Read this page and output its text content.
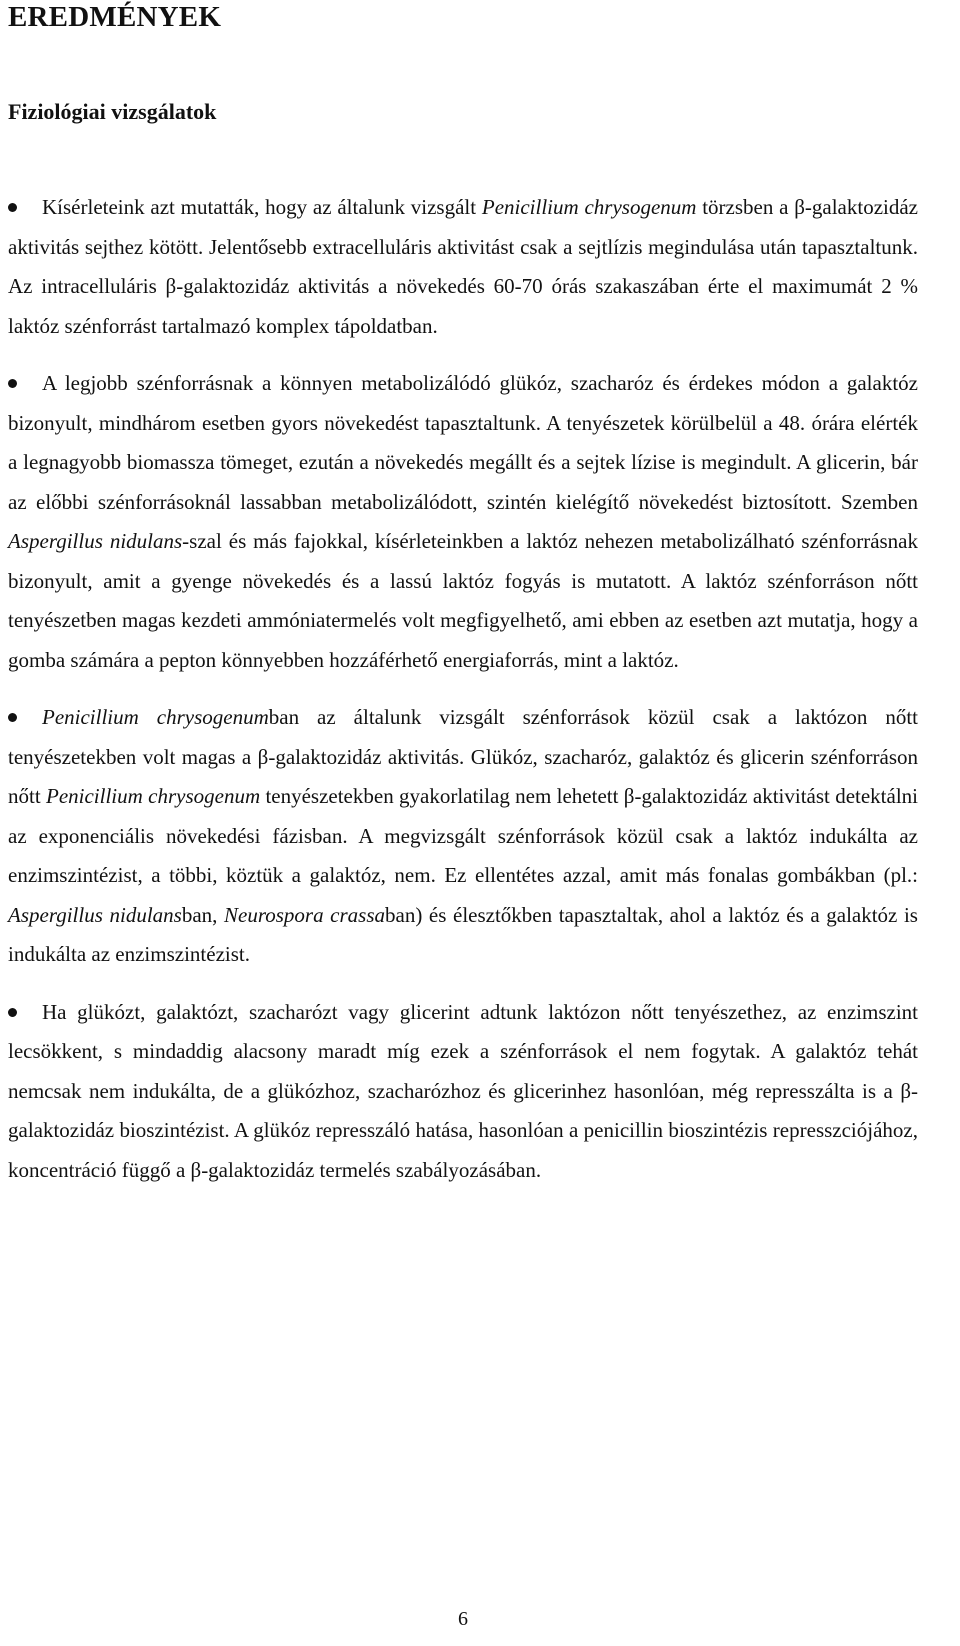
EREDMÉNYEK
Fiziológiai vizsgálatok
Kísérleteink azt mutatták, hogy az általunk vizsgált Penicillium chrysogenum törzsben a β-galaktozidáz aktivitás sejthez kötött. Jelentősebb extracelluláris aktivitást csak a sejtlízis megindulása után tapasztaltunk. Az intracelluláris β-galaktozidáz aktivitás a növekedés 60-70 órás szakaszában érte el maximumát 2 % laktóz szénforrást tartalmazó komplex tápoldatban.
A legjobb szénforrásnak a könnyen metabolizálódó glükóz, szacharóz és érdekes módon a galaktóz bizonyult, mindhárom esetben gyors növekedést tapasztaltunk. A tenyészetek körülbelül a 48. órára elérték a legnagyobb biomassza tömeget, ezután a növekedés megállt és a sejtek lízise is megindult. A glicerin, bár az előbbi szénforrásoknál lassabban metabolizálódott, szintén kielégítő növekedést biztosított. Szemben Aspergillus nidulans-szal és más fajokkal, kísérleteinkben a laktóz nehezen metabolizálható szénforrásnak bizonyult, amit a gyenge növekedés és a lassú laktóz fogyás is mutatott. A laktóz szénforráson nőtt tenyészetben magas kezdeti ammóniatermelés volt megfigyelhető, ami ebben az esetben azt mutatja, hogy a gomba számára a pepton könnyebben hozzáférhető energiaforrás, mint a laktóz.
Penicillium chrysogenumban az általunk vizsgált szénforrások közül csak a laktózon nőtt tenyészetekben volt magas a β-galaktozidáz aktivitás. Glükóz, szacharóz, galaktóz és glicerin szénforráson nőtt Penicillium chrysogenum tenyészetekben gyakorlatilag nem lehetett β-galaktozidáz aktivitást detektálni az exponenciális növekedési fázisban. A megvizsgált szénforrások közül csak a laktóz indukálta az enzimszintézist, a többi, köztük a galaktóz, nem. Ez ellentétes azzal, amit más fonalas gombákban (pl.: Aspergillus nidulansban, Neurospora crassaban) és élesztőkben tapasztaltak, ahol a laktóz és a galaktóz is indukálta az enzimszintézist.
Ha glükózt, galaktózt, szacharózt vagy glicerint adtunk laktózon nőtt tenyészethez, az enzimszint lecsökkent, s mindaddig alacsony maradt míg ezek a szénforrások el nem fogytak. A galaktóz tehát nemcsak nem indukálta, de a glükózhoz, szacharózhoz és glicerinhez hasonlóan, még represszálta is a β-galaktozidáz bioszintézist. A glükóz represszáló hatása, hasonlóan a penicillin bioszintézis represszciójához, koncentráció függő a β-galaktozidáz termelés szabályozásában.

6
